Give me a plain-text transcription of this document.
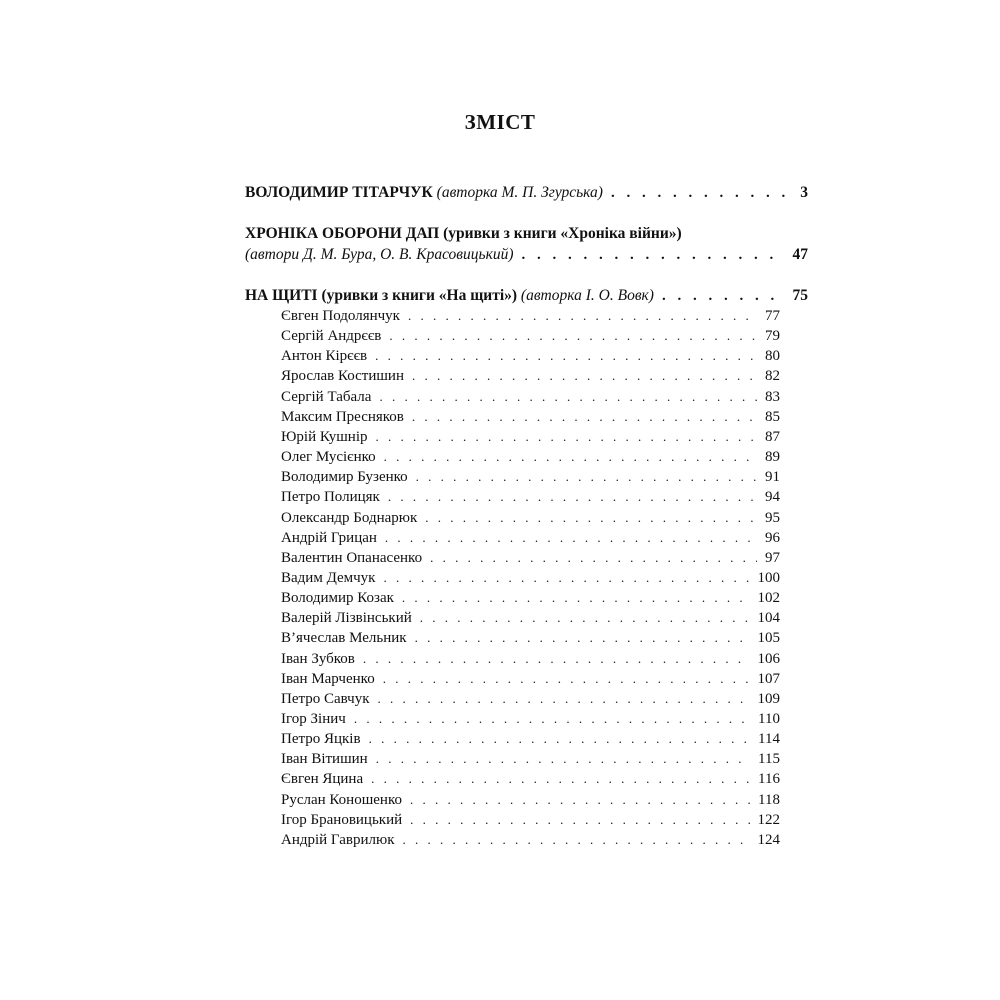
ЗМІСТ
ВОЛОДИМИР ТІТАРЧУК (авторка М. П. Згурська) . . .	3
ХРОНІКА ОБОРОНИ ДАП (уривки з книги «Хроніка війни»)
(автори Д. М. Бура, О. В. Красовицький) . . .	47
НА ЩИТІ (уривки з книги «На щиті») (авторка І. О. Вовк) . . .	75
Євген Подолянчук . . .	77
Сергій Андрєєв . . .	79
Антон Кірєєв . . .	80
Ярослав Костишин . . .	82
Сергій Табала . . .	83
Максим Пресняков . . .	85
Юрій Кушнір . . .	87
Олег Мусієнко . . .	89
Володимир Бузенко . . .	91
Петро Полицяк . . .	94
Олександр Боднарюк . . .	95
Андрій Грицан . . .	96
Валентин Опанасенко . . .	97
Вадим Демчук . . .	100
Володимир Козак . . .	102
Валерій Лізвінський . . .	104
В’ячеслав Мельник . . .	105
Іван Зубков . . .	106
Іван Марченко . . .	107
Петро Савчук . . .	109
Ігор Зінич . . .	110
Петро Яцків . . .	114
Іван Вітишин . . .	115
Євген Яцина . . .	116
Руслан Коношенко . . .	118
Ігор Брановицький . . .	122
Андрій Гаврилюк . . .	124
